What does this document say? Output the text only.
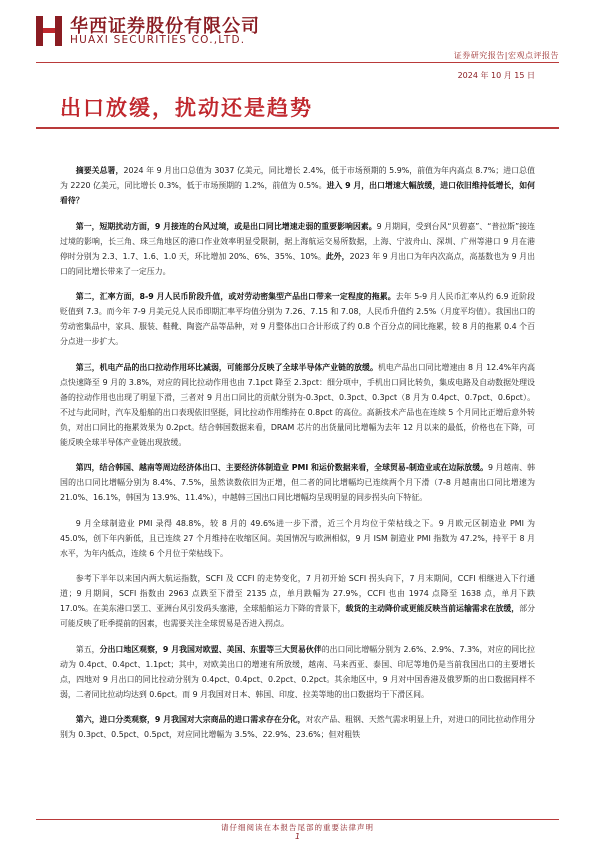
华西证券股份有限公司
HUAXI SECURITIES CO.,LTD.
证券研究报告|宏观点评报告
2024 年 10 月 15 日
出口放缓，扰动还是趋势

摘要关总署，2024 年 9 月出口总值为 3037 亿美元，同比增长 2.4%，低于市场预期的 5.9%，前值为年内高点 8.7%；进口总值为 2220 亿美元，同比增长 0.3%，低于市场预期的 1.2%，前值为 0.5%。进入 9 月，出口增速大幅放缓，进口依旧维持低增长，如何看待？

第一，短期扰动方面，9 月接连的台风过境，或是出口同比增速走弱的重要影响因素。9 月期间，受到台风“贝碧嘉”、“普拉斯”接连过境的影响，长三角、珠三角地区的港口作业效率明显受限制，据上海航运交易所数据，上海、宁波舟山、深圳、广州等港口 9 月在港停时分别为 2.3、1.7、1.6、1.0 天，环比增加 20%、6%、35%、10%。此外，2023 年 9 月出口为年内次高点，高基数也为 9 月出口的同比增长带来了一定压力。

第二，汇率方面，8-9 月人民币阶段升值，或对劳动密集型产品出口带来一定程度的拖累。去年 5-9 月人民币汇率从约 6.9 近阶段贬值到 7.3。而今年 7-9 月美元兑人民币即期汇率平均值分别为 7.26、7.15 和 7.08，人民币升值约 2.5%（月度平均值）。我国出口的劳动密集品中，家具、服装、鞋靴、陶瓷产品等品种，对 9 月整体出口合计形成了约 0.8 个百分点的同比拖累，较 8 月的拖累 0.4 个百分点进一步扩大。

第三，机电产品的出口拉动作用环比减弱，可能部分反映了全球半导体产业链的放缓。机电产品出口同比增速由 8 月 12.4%年内高点快速降至 9 月的 3.8%，对应的同比拉动作用也由 7.1pct 降至 2.3pct：细分项中，手机出口同比转负，集成电路及自动数据处理设备的拉动作用也出现了明显下滑，三者对 9 月出口同比的贡献分别为-0.3pct、0.3pct、0.3pct（8 月为 0.4pct、0.7pct、0.6pct）。不过与此同时，汽车及船舶的出口表现依旧坚挺，同比拉动作用维持在 0.8pct 的高位。高新技术产品也在连续 5 个月同比正增后意外转负，对出口同比的拖累效果为 0.2pct。结合韩国数据来看，DRAM 芯片的出货量同比增幅为去年 12 月以来的最低，价格也在下降，可能反映全球半导体产业链出现放缓。

第四，结合韩国、越南等周边经济体出口、主要经济体制造业 PMI 和运价数据来看，全球贸易-制造业或在边际放缓。9 月越南、韩国的出口同比增幅分别为 8.4%、7.5%，虽然读数依旧为正增，但二者的同比增幅均已连续两个月下滑（7-8 月越南出口同比增速为 21.0%、16.1%，韩国为 13.9%、11.4%），中越韩三国出口同比增幅均呈现明显的同步拐头向下特征。

9 月全球制造业 PMI 录得 48.8%，较 8 月的 49.6%进一步下滑，近三个月均位于荣枯线之下。9 月欧元区制造业 PMI 为 45.0%，创下年内新低，且已连续 27 个月维持在收缩区间。美国情况与欧洲相似，9 月 ISM 制造业 PMI 指数为 47.2%，持平于 8 月水平，为年内低点，连续 6 个月位于荣枯线下。

参考下半年以来国内两大航运指数，SCFI 及 CCFI 的走势变化，7 月初开始 SCFI 拐头向下，7 月末期间，CCFI 相继进入下行通道；9 月期间，SCFI 指数由 2963 点跌至下滑至 2135 点，单月跌幅为 27.9%，CCFI 也由 1974 点降至 1638 点，单月下跌 17.0%。在美东港口罢工、亚洲台风引发码头塞港，全球船舶运力下降的背景下，载货的主动降价或更能反映当前运输需求在放缓，部分可能反映了旺季提前的因素，也需要关注全球贸易是否进入拐点。

第五，分出口地区观察，9 月我国对欧盟、美国、东盟等三大贸易伙伴的出口同比增幅分别为 2.6%、2.9%、7.3%，对应的同比拉动为 0.4pct、0.4pct、1.1pct；其中，对欧美出口的增速有所放缓，越南、马来西亚、泰国、印尼等地仍是当前我国出口的主要增长点，四地对 9 月出口的同比拉动分别为 0.4pct、0.4pct、0.2pct、0.2pct。其余地区中，9 月对中国香港及俄罗斯的出口数据同样不弱，二者同比拉动均达到 0.6pct。而 9 月我国对日本、韩国、印度、拉美等地的出口数据均于下滑区间。

第六，进口分类观察，9 月我国对大宗商品的进口需求存在分化，对农产品、粗钢、天然气需求明显上升，对进口的同比拉动作用分别为 0.3pct、0.5pct、0.5pct，对应同比增幅为 3.5%、22.9%、23.6%；但对粗铁

请仔细阅读在本报告尾部的重要法律声明
1
